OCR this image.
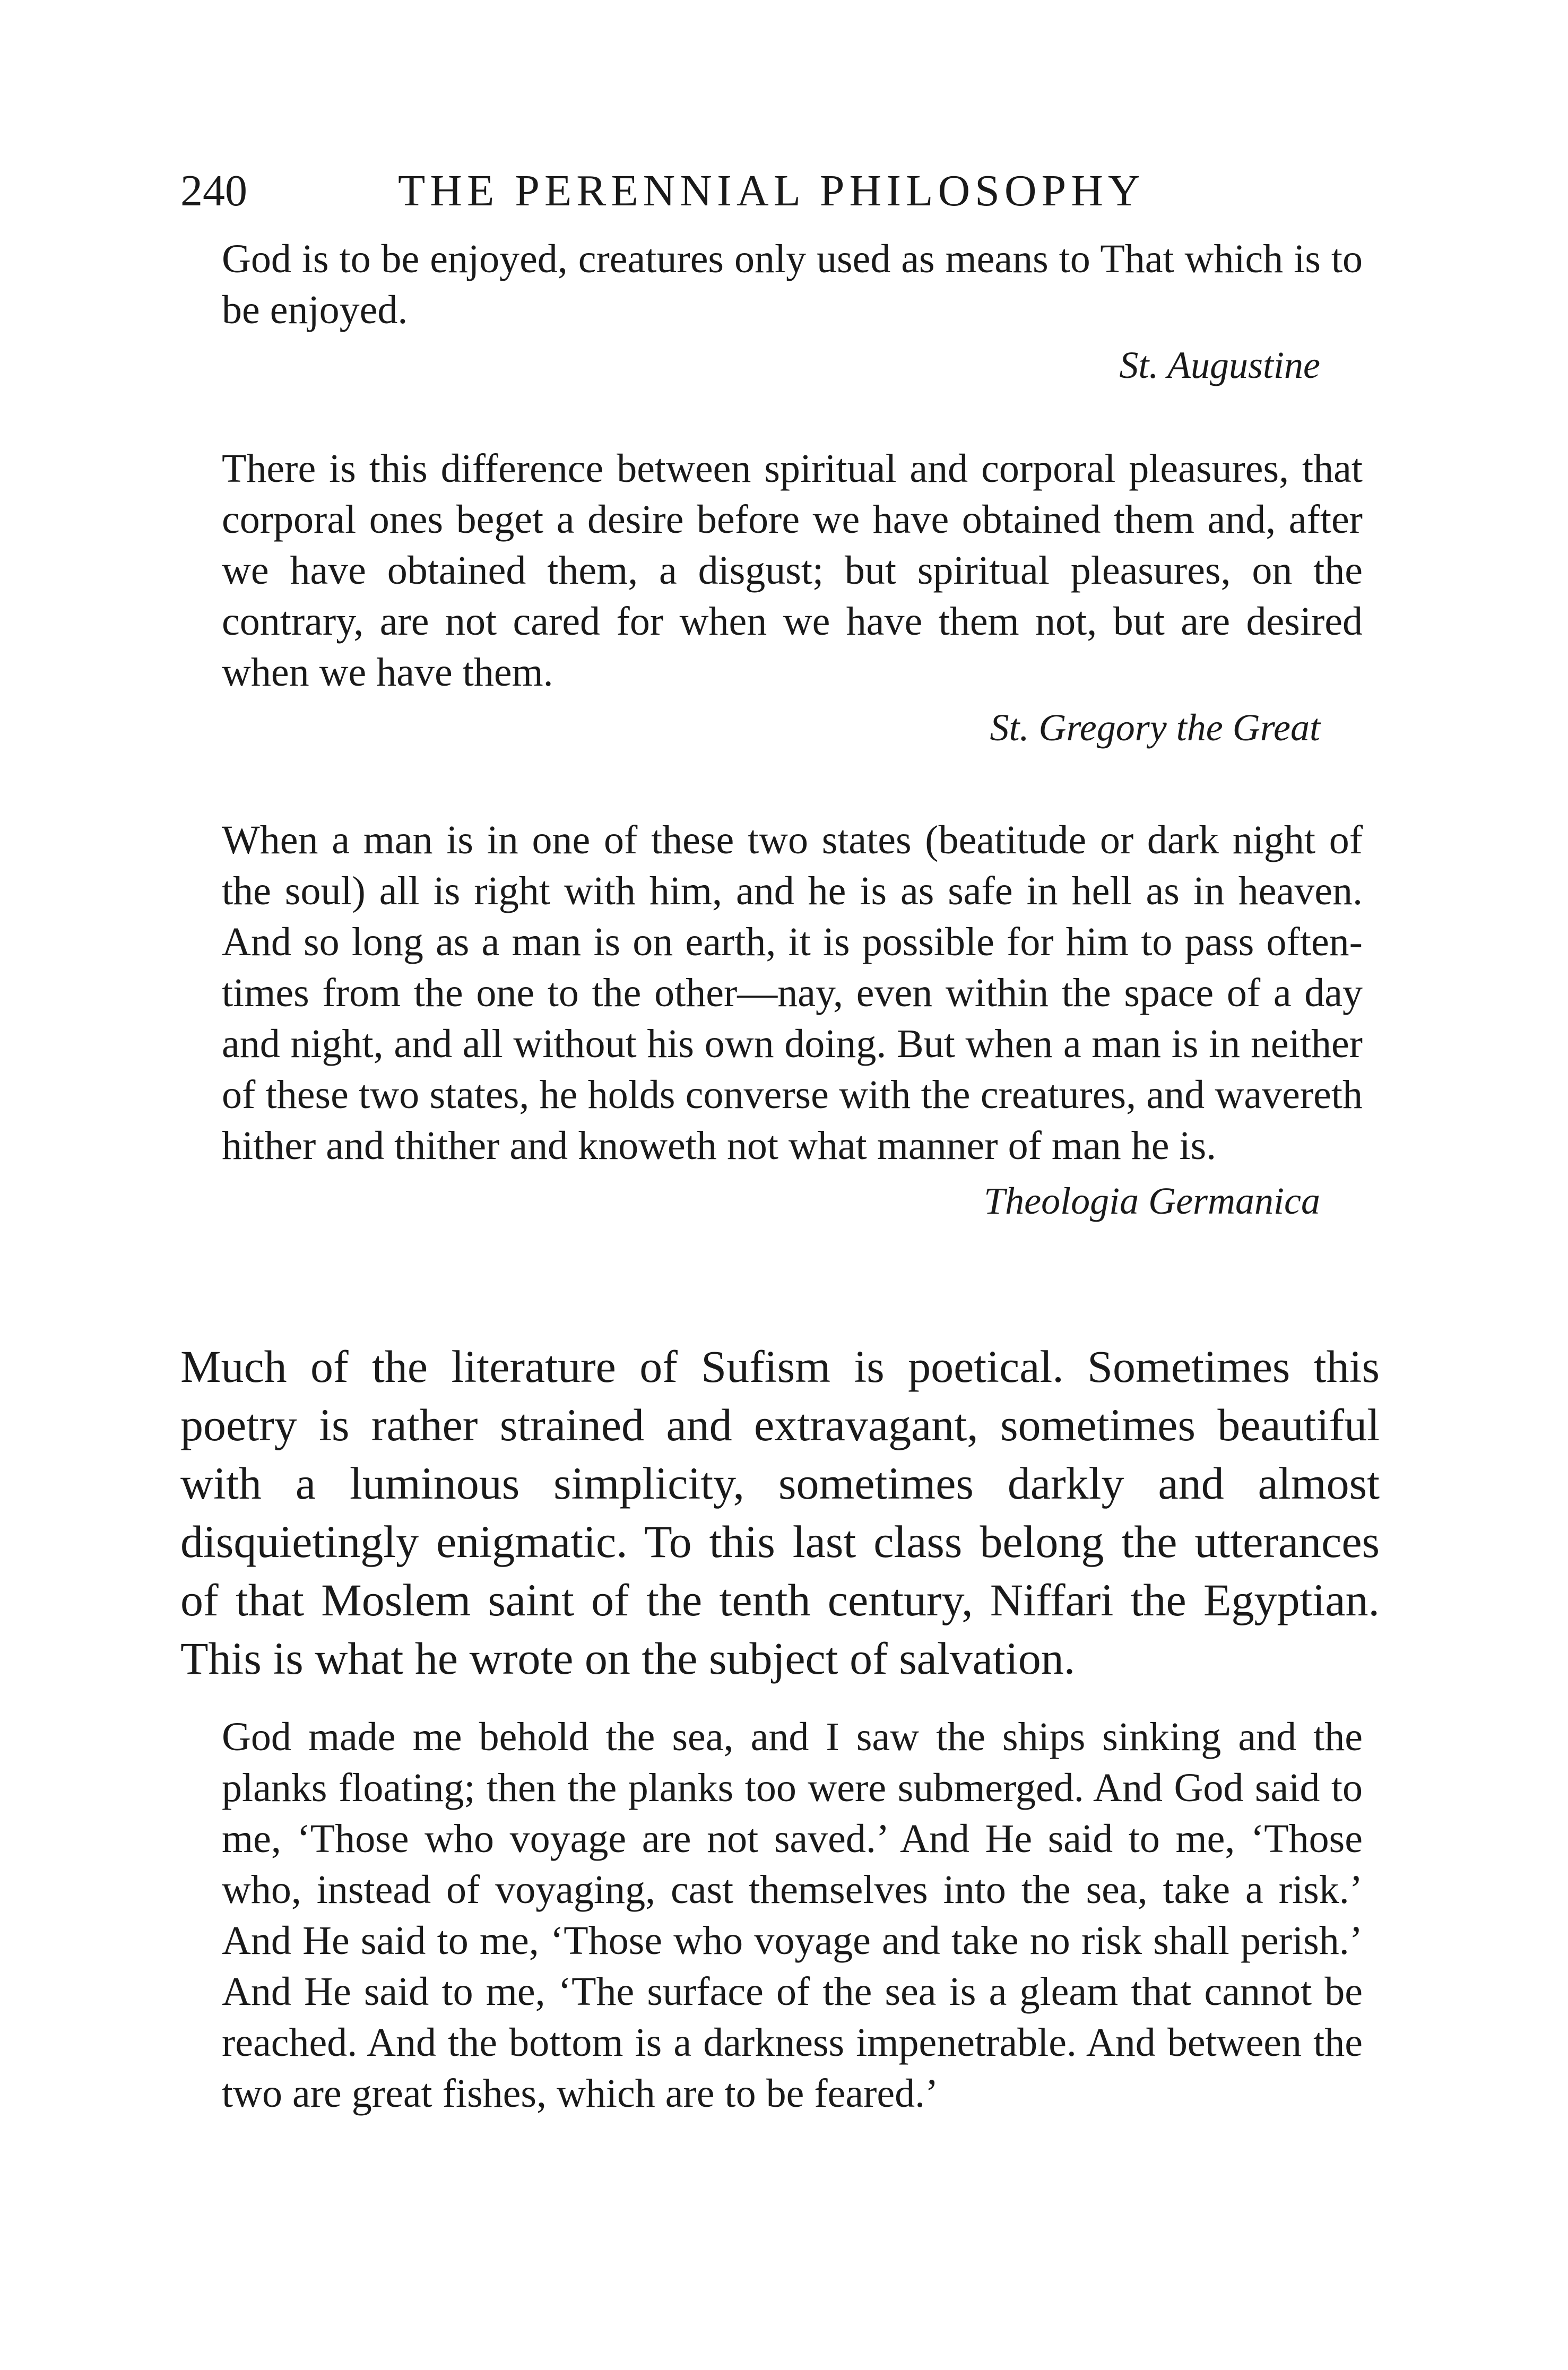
240	THE PERENNIAL PHILOSOPHY

God is to be enjoyed, creatures only used as means to That which is to be enjoyed.

St. Augustine

There is this difference between spiritual and corporal pleasures, that corporal ones beget a desire before we have obtained them and, after we have obtained them, a disgust; but spiritual pleasures, on the contrary, are not cared for when we have them not, but are desired when we have them.

St. Gregory the Great

When a man is in one of these two states (beatitude or dark night of the soul) all is right with him, and he is as safe in hell as in heaven. And so long as a man is on earth, it is possible for him to pass often-times from the one to the other—nay, even within the space of a day and night, and all without his own doing. But when a man is in neither of these two states, he holds converse with the creatures, and wavereth hither and thither and knoweth not what manner of man he is.

Theologia Germanica

Much of the literature of Sufism is poetical. Sometimes this poetry is rather strained and extravagant, sometimes beautiful with a luminous simplicity, sometimes darkly and almost disquietingly enigmatic. To this last class belong the utterances of that Moslem saint of the tenth century, Niffari the Egyptian. This is what he wrote on the subject of salvation.

God made me behold the sea, and I saw the ships sinking and the planks floating; then the planks too were submerged. And God said to me, ‘Those who voyage are not saved.’ And He said to me, ‘Those who, instead of voyaging, cast themselves into the sea, take a risk.’ And He said to me, ‘Those who voyage and take no risk shall perish.’ And He said to me, ‘The surface of the sea is a gleam that cannot be reached. And the bottom is a darkness impenetrable. And between the two are great fishes, which are to be feared.’
